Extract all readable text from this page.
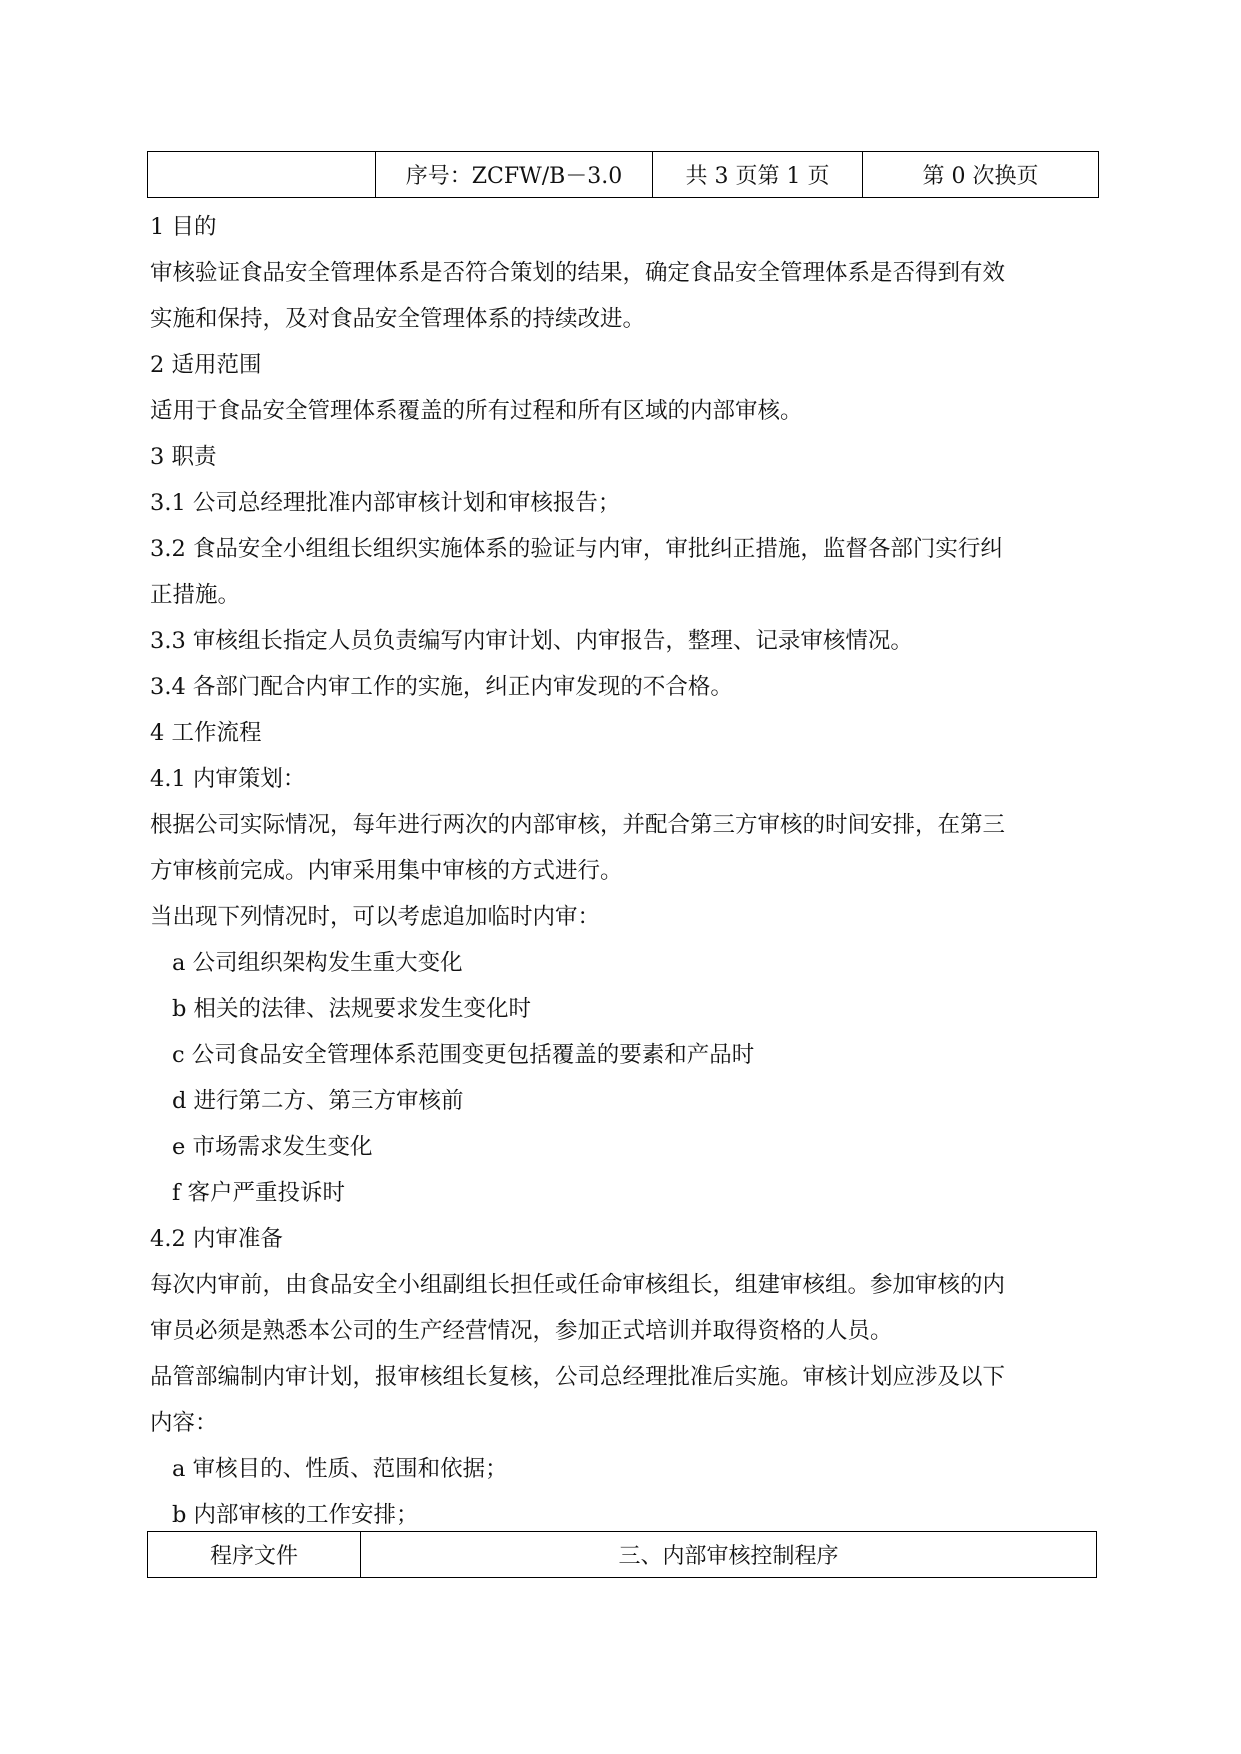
	序号：ZCFW/B－3.0	共 3 页第 1 页	第 0 次换页
1 目的
审核验证食品安全管理体系是否符合策划的结果，确定食品安全管理体系是否得到有效
实施和保持，及对食品安全管理体系的持续改进。
2 适用范围
适用于食品安全管理体系覆盖的所有过程和所有区域的内部审核。
3 职责
3.1 公司总经理批准内部审核计划和审核报告；
3.2 食品安全小组组长组织实施体系的验证与内审，审批纠正措施，监督各部门实行纠
正措施。
3.3 审核组长指定人员负责编写内审计划、内审报告，整理、记录审核情况。
3.4 各部门配合内审工作的实施，纠正内审发现的不合格。
4 工作流程
4.1 内审策划：
根据公司实际情况，每年进行两次的内部审核，并配合第三方审核的时间安排，在第三
方审核前完成。内审采用集中审核的方式进行。
当出现下列情况时，可以考虑追加临时内审：
a 公司组织架构发生重大变化
b 相关的法律、法规要求发生变化时
c 公司食品安全管理体系范围变更包括覆盖的要素和产品时
d 进行第二方、第三方审核前
e 市场需求发生变化
f 客户严重投诉时
4.2 内审准备
每次内审前，由食品安全小组副组长担任或任命审核组长，组建审核组。参加审核的内
审员必须是熟悉本公司的生产经营情况，参加正式培训并取得资格的人员。
品管部编制内审计划，报审核组长复核，公司总经理批准后实施。审核计划应涉及以下
内容：
a 审核目的、性质、范围和依据；
b 内部审核的工作安排；
程序文件	三、内部审核控制程序
